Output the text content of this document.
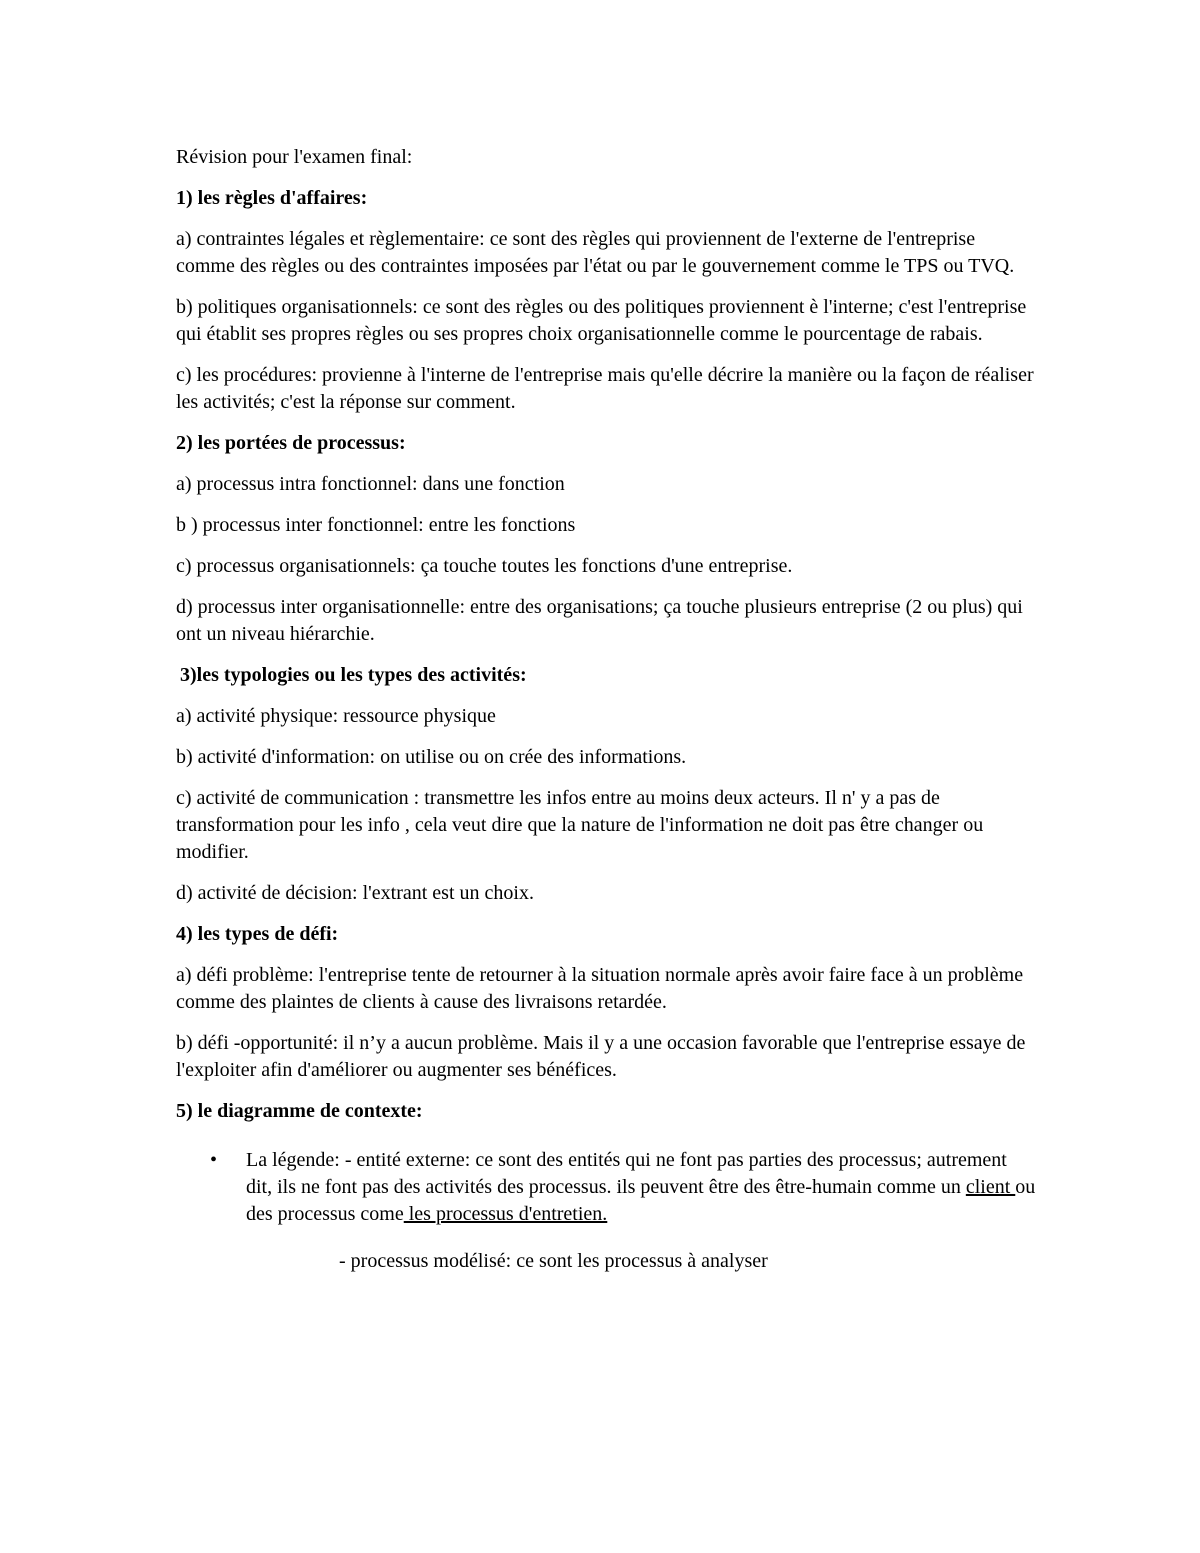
Révision pour l'examen final:

1) les règles d'affaires:

a) contraintes légales et règlementaire: ce sont des règles qui proviennent de l'externe de l'entreprise comme des règles ou des contraintes imposées par l'état ou par le gouvernement comme le TPS ou TVQ.

b) politiques organisationnels: ce sont des règles ou des politiques proviennent è l'interne; c'est l'entreprise qui établit ses propres règles ou ses propres choix organisationnelle comme le pourcentage de rabais.

c) les procédures: provienne à l'interne de l'entreprise mais qu'elle décrire la manière ou la façon de réaliser les activités; c'est la réponse sur comment.

2) les portées de processus:

a) processus intra fonctionnel: dans une fonction

b ) processus inter fonctionnel: entre les fonctions

c) processus organisationnels: ça touche toutes les fonctions d'une entreprise.

d) processus inter organisationnelle: entre des organisations; ça touche plusieurs entreprise (2 ou plus) qui ont un niveau hiérarchie.

3)les typologies ou les types des activités:

a) activité physique: ressource physique

b) activité d'information: on utilise ou on crée des informations.

c) activité de communication : transmettre les infos entre au moins deux acteurs. Il n' y a pas de transformation pour les info , cela veut dire que la nature de l'information ne doit pas être changer ou modifier.

d) activité de décision: l'extrant est un choix.

4) les types de défi:

a) défi problème: l'entreprise tente de retourner à la situation normale après avoir faire face à un problème comme des plaintes de clients à cause des livraisons retardée.

b) défi -opportunité: il n’y a aucun problème. Mais il y a une occasion favorable que l'entreprise essaye de l'exploiter afin d'améliorer ou augmenter ses bénéfices.

5) le diagramme de contexte:

• La légende: - entité externe: ce sont des entités qui ne font pas parties des processus; autrement dit, ils ne font pas des activités des processus. ils peuvent être des être-humain comme un client ou des processus come les processus d'entretien.

- processus modélisé: ce sont les processus à analyser
